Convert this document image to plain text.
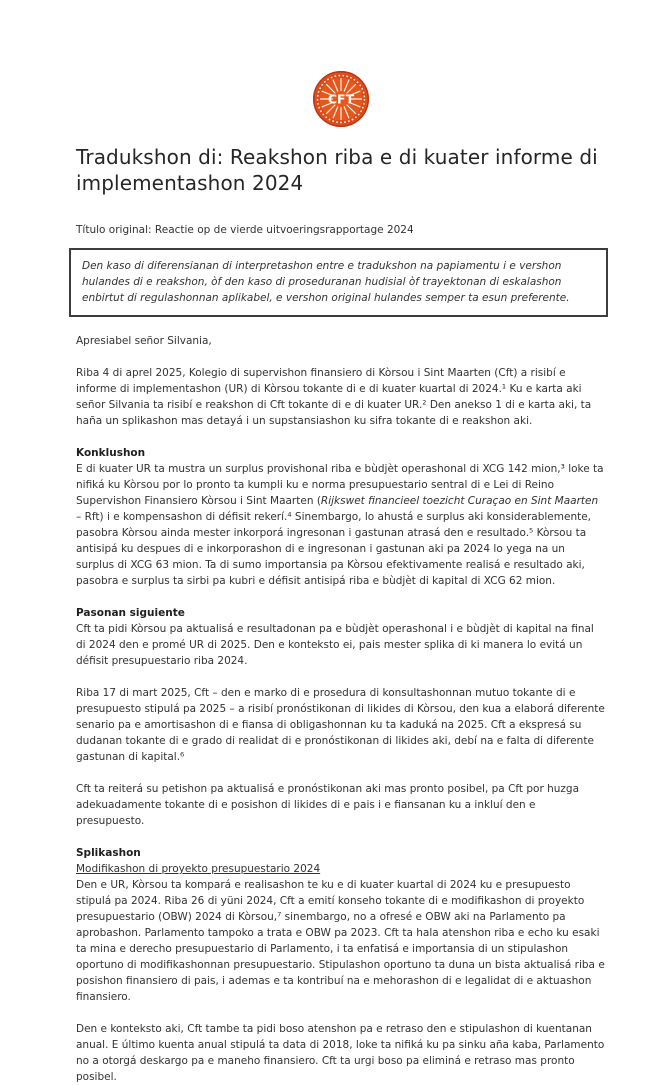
CFT
Tradukshon di: Reakshon riba e di kuater informe di implementashon 2024

Título original: Reactie op de vierde uitvoeringsrapportage 2024

Den kaso di diferensianan di interpretashon entre e tradukshon na papiamentu i e vershon hulandes di e reakshon, òf den kaso di proseduranan hudisial òf trayektonan di eskalashon enbirtut di regulashonnan aplikabel, e vershon original hulandes semper ta esun preferente.

Apresiabel señor Silvania,

Riba 4 di aprel 2025, Kolegio di supervishon finansiero di Kòrsou i Sint Maarten (Cft) a risibí e informe di implementashon (UR) di Kòrsou tokante di e di kuater kuartal di 2024.¹ Ku e karta aki señor Silvania ta risibí e reakshon di Cft tokante di e di kuater UR.² Den anekso 1 di e karta aki, ta haña un splikashon mas detayá i un supstansiashon ku sifra tokante di e reakshon aki.

Konklushon

E di kuater UR ta mustra un surplus provishonal riba e bùdjèt operashonal di XCG 142 mion,³ loke ta nifiká ku Kòrsou por lo pronto ta kumpli ku e norma presupuestario sentral di e Lei di Reino Supervishon Finansiero Kòrsou i Sint Maarten (Rijkswet financieel toezicht Curaçao en Sint Maarten – Rft) i e kompensashon di défisit rekerí.⁴ Sinembargo, lo ahustá e surplus aki konsiderablemente, pasobra Kòrsou ainda mester inkorporá ingresonan i gastunan atrasá den e resultado.⁵ Kòrsou ta antisipá ku despues di e inkorporashon di e ingresonan i gastunan aki pa 2024 lo yega na un surplus di XCG 63 mion. Ta di sumo importansia pa Kòrsou efektivamente realisá e resultado aki, pasobra e surplus ta sirbi pa kubri e défisit antisipá riba e bùdjèt di kapital di XCG 62 mion.

Pasonan siguiente

Cft ta pidi Kòrsou pa aktualisá e resultadonan pa e bùdjèt operashonal i e bùdjèt di kapital na final di 2024 den e promé UR di 2025. Den e konteksto ei, pais mester splika di ki manera lo evitá un défisit presupuestario riba 2024.

Riba 17 di mart 2025, Cft – den e marko di e prosedura di konsultashonnan mutuo tokante di e presupuesto stipulá pa 2025 – a risibí pronóstikonan di likides di Kòrsou, den kua a elaborá diferente senario pa e amortisashon di e fiansa di obligashonnan ku ta kaduká na 2025. Cft a ekspresá su dudanan tokante di e grado di realidat di e pronóstikonan di likides aki, debí na e falta di diferente gastunan di kapital.⁶

Cft ta reiterá su petishon pa aktualisá e pronóstikonan aki mas pronto posibel, pa Cft por huzga adekuadamente tokante di e posishon di likides di e pais i e fiansanan ku a inkluí den e presupuesto.

Splikashon

Modifikashon di proyekto presupuestario 2024

Den e UR, Kòrsou ta kompará e realisashon te ku e di kuater kuartal di 2024 ku e presupuesto stipulá pa 2024. Riba 26 di yüni 2024, Cft a emití konseho tokante di e modifikashon di proyekto presupuestario (OBW) 2024 di Kòrsou,⁷ sinembargo, no a ofresé e OBW aki na Parlamento pa aprobashon. Parlamento tampoko a trata e OBW pa 2023. Cft ta hala atenshon riba e echo ku esaki ta mina e derecho presupuestario di Parlamento, i ta enfatisá e importansia di un stipulashon oportuno di modifikashonnan presupuestario. Stipulashon oportuno ta duna un bista aktualisá riba e posishon finansiero di pais, i ademas e ta kontribuí na e mehorashon di e legalidat di e aktuashon finansiero.

Den e konteksto aki, Cft tambe ta pidi boso atenshon pa e retraso den e stipulashon di kuentanan anual. E último kuenta anual stipulá ta data di 2018, loke ta nifiká ku pa sinku aña kaba, Parlamento no a otorgá deskargo pa e maneho finansiero. Cft ta urgi boso pa eliminá e retraso mas pronto posibel.
